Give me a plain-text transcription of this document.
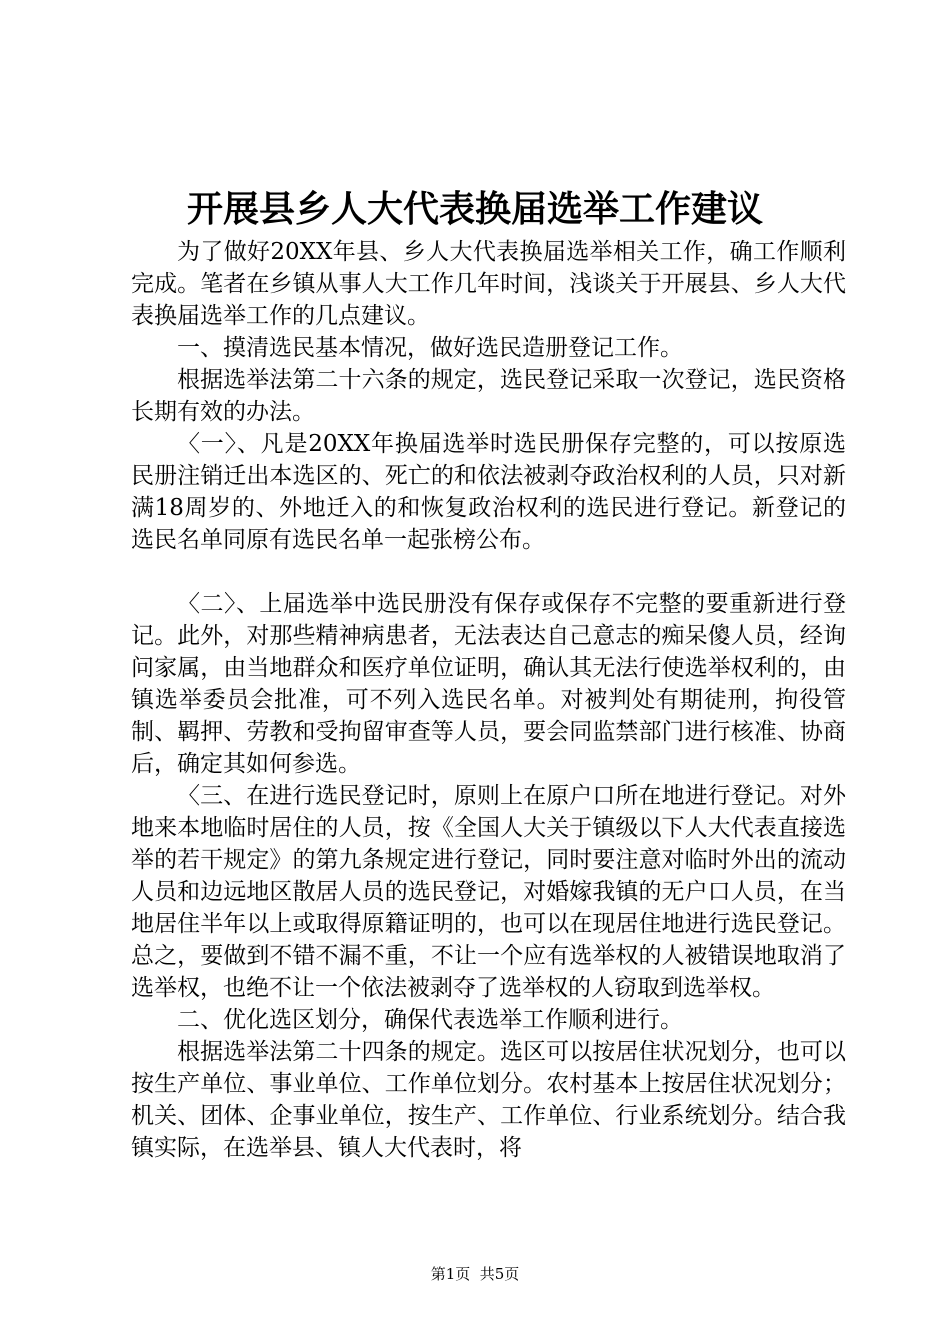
开展县乡人大代表换届选举工作建议

为了做好20XX年县、乡人大代表换届选举相关工作，确工作顺利完成。笔者在乡镇从事人大工作几年时间，浅谈关于开展县、乡人大代表换届选举工作的几点建议。

一、摸清选民基本情况，做好选民造册登记工作。

根据选举法第二十六条的规定，选民登记采取一次登记，选民资格长期有效的办法。

〈一〉、凡是20XX年换届选举时选民册保存完整的，可以按原选民册注销迁出本选区的、死亡的和依法被剥夺政治权利的人员，只对新满18周岁的、外地迁入的和恢复政治权利的选民进行登记。新登记的选民名单同原有选民名单一起张榜公布。

〈二〉、上届选举中选民册没有保存或保存不完整的要重新进行登记。此外，对那些精神病患者，无法表达自己意志的痴呆傻人员，经询问家属，由当地群众和医疗单位证明，确认其无法行使选举权利的，由镇选举委员会批准，可不列入选民名单。对被判处有期徒刑，拘役管制、羁押、劳教和受拘留审查等人员，要会同监禁部门进行核准、协商后，确定其如何参选。

〈三、在进行选民登记时，原则上在原户口所在地进行登记。对外地来本地临时居住的人员，按《全国人大关于镇级以下人大代表直接选举的若干规定》的第九条规定进行登记，同时要注意对临时外出的流动人员和边远地区散居人员的选民登记，对婚嫁我镇的无户口人员，在当地居住半年以上或取得原籍证明的，也可以在现居住地进行选民登记。总之，要做到不错不漏不重，不让一个应有选举权的人被错误地取消了选举权，也绝不让一个依法被剥夺了选举权的人窃取到选举权。

二、优化选区划分，确保代表选举工作顺利进行。

根据选举法第二十四条的规定。选区可以按居住状况划分，也可以按生产单位、事业单位、工作单位划分。农村基本上按居住状况划分；机关、团体、企事业单位，按生产、工作单位、行业系统划分。结合我镇实际，在选举县、镇人大代表时，将

第1页  共5页
